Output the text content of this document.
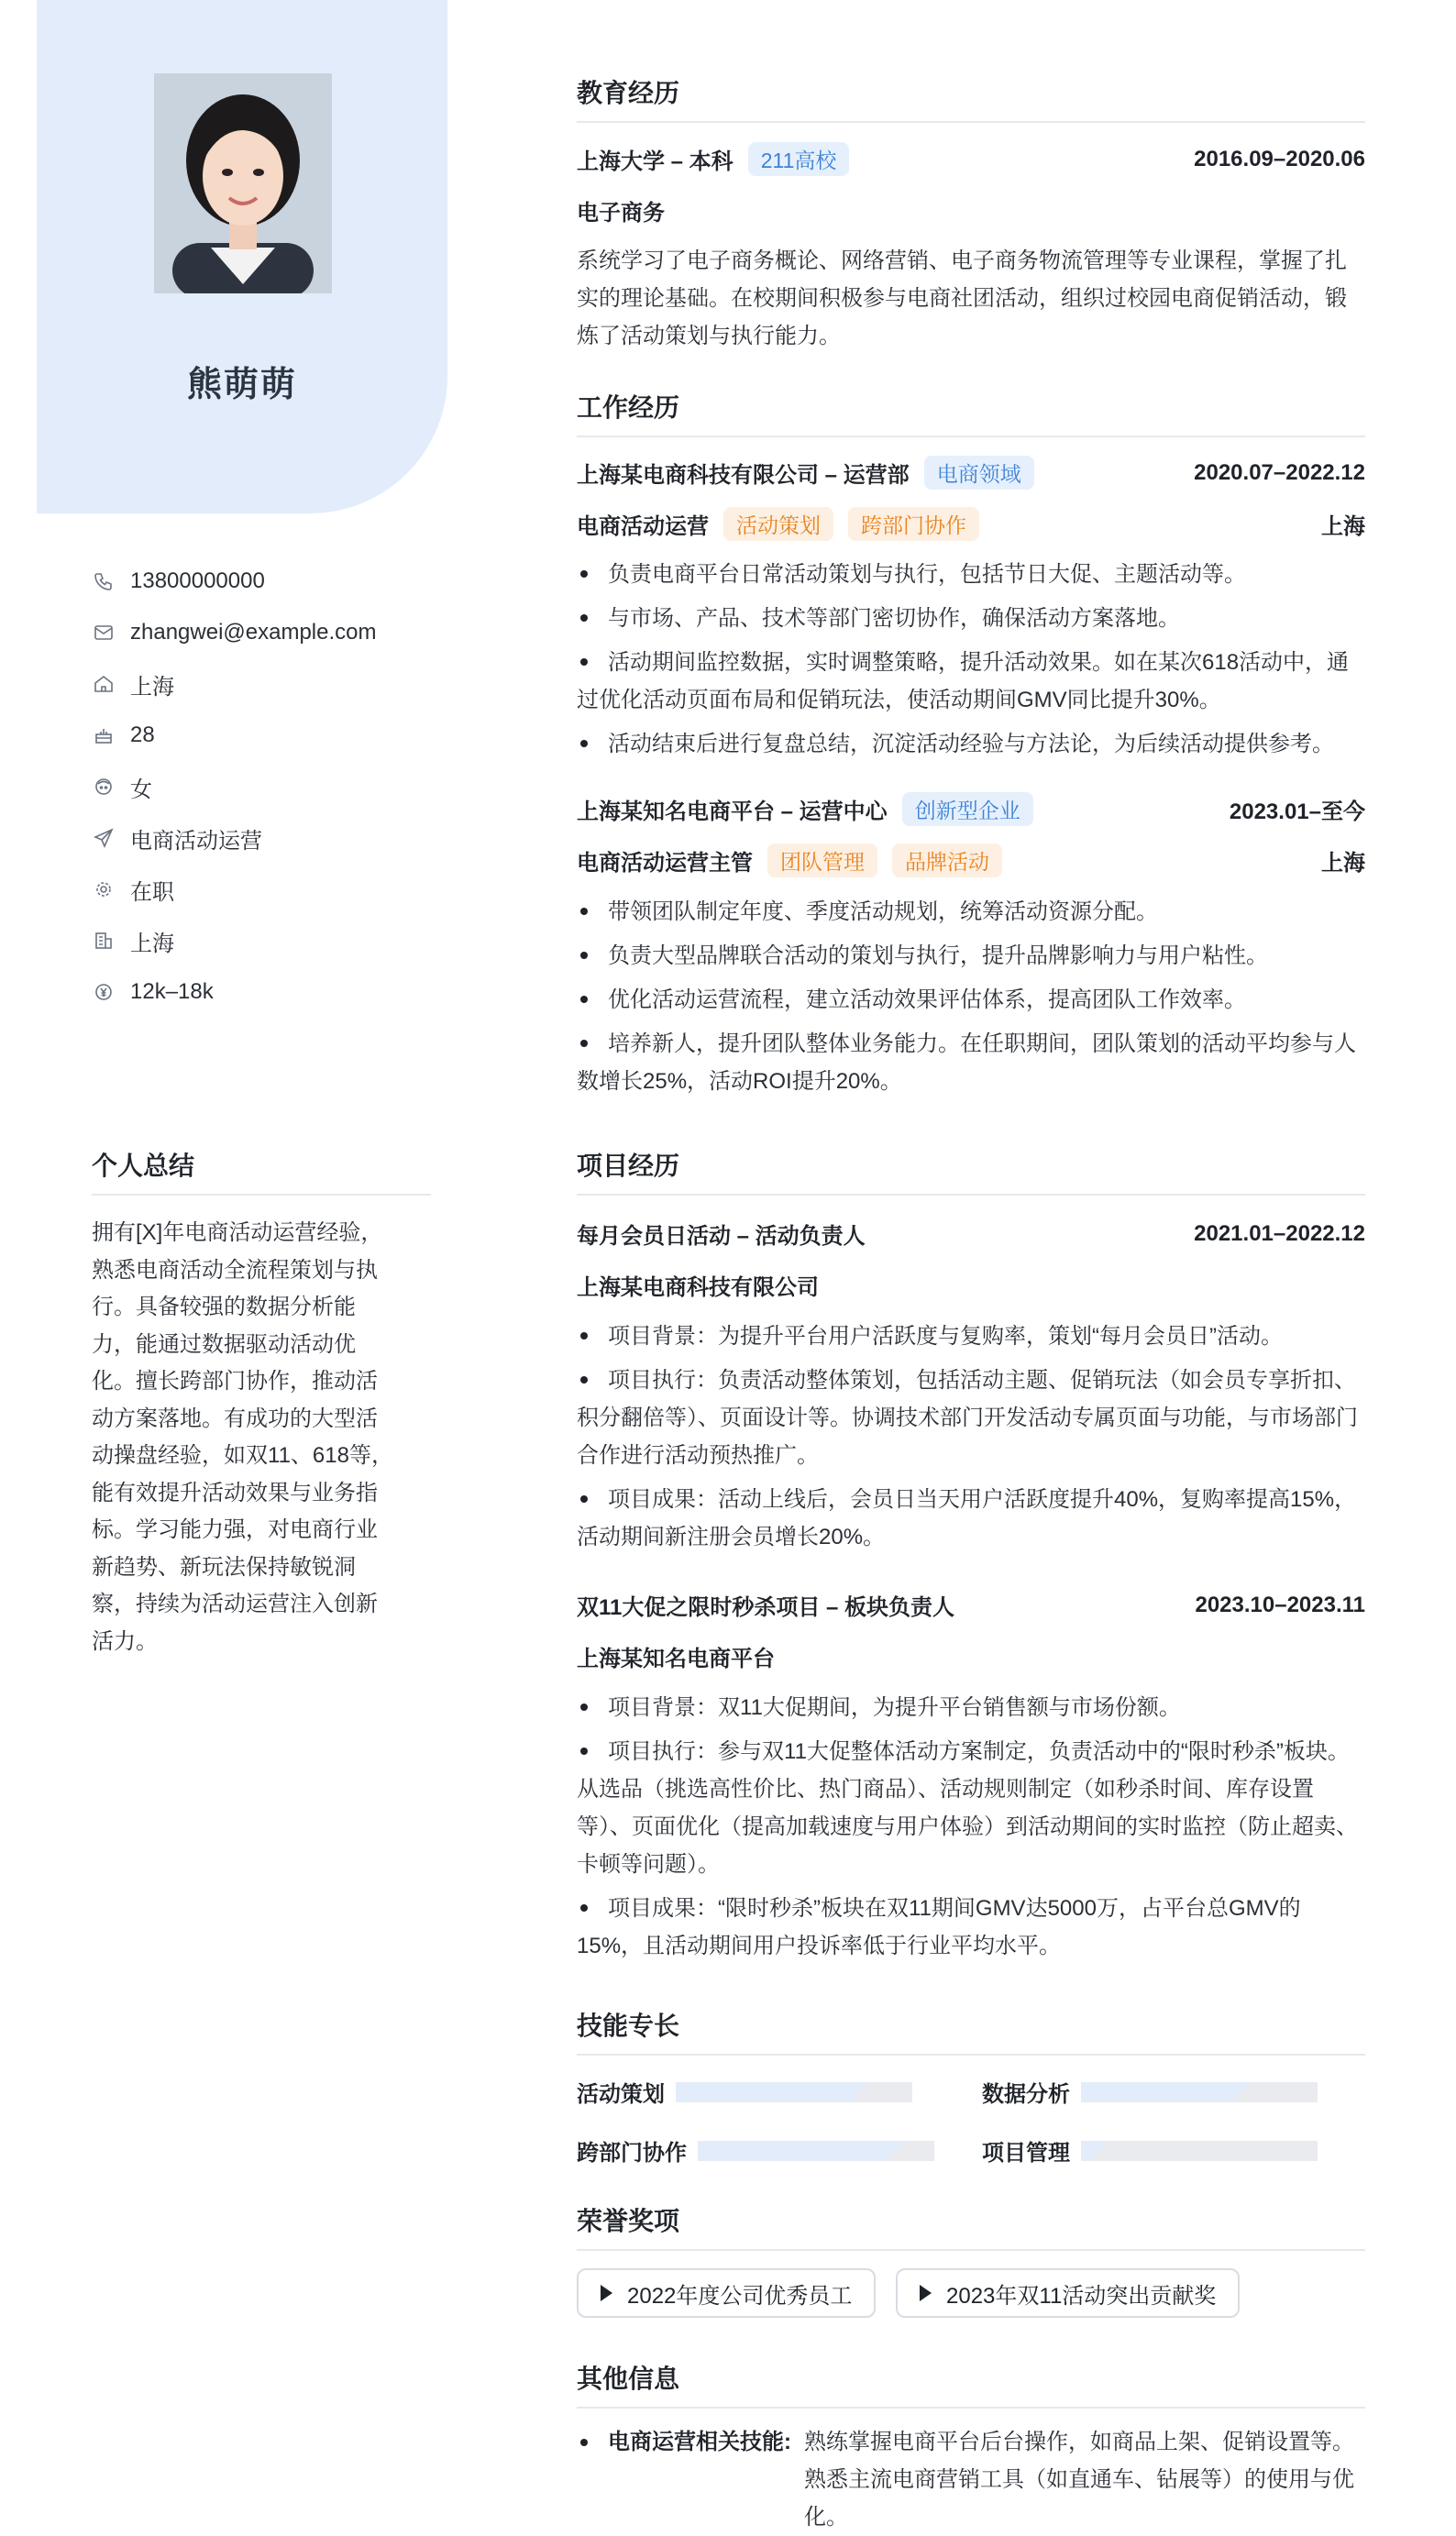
熊萌萌
13800000000
zhangwei@example.com
上海
28
女
电商活动运营
在职
上海
12k–18k
个人总结
拥有[X]年电商活动运营经验，
熟悉电商活动全流程策划与执
行。具备较强的数据分析能
力，能通过数据驱动活动优
化。擅长跨部门协作，推动活
动方案落地。有成功的大型活
动操盘经验，如双11、618等，
能有效提升活动效果与业务指
标。学习能力强，对电商行业
新趋势、新玩法保持敏锐洞
察，持续为活动运营注入创新
活力。
教育经历
上海大学 – 本科	211高校	2016.09–2020.06
电子商务
系统学习了电子商务概论、网络营销、电子商务物流管理等专业课程，掌握了扎
实的理论基础。在校期间积极参与电商社团活动，组织过校园电商促销活动，锻
炼了活动策划与执行能力。
工作经历
上海某电商科技有限公司 – 运营部	电商领域	2020.07–2022.12
电商活动运营	活动策划	跨部门协作	上海
负责电商平台日常活动策划与执行，包括节日大促、主题活动等。
与市场、产品、技术等部门密切协作，确保活动方案落地。
活动期间监控数据，实时调整策略，提升活动效果。如在某次618活动中，通
过优化活动页面布局和促销玩法，使活动期间GMV同比提升30%。
活动结束后进行复盘总结，沉淀活动经验与方法论，为后续活动提供参考。
上海某知名电商平台 – 运营中心	创新型企业	2023.01–至今
电商活动运营主管	团队管理	品牌活动	上海
带领团队制定年度、季度活动规划，统筹活动资源分配。
负责大型品牌联合活动的策划与执行，提升品牌影响力与用户粘性。
优化活动运营流程，建立活动效果评估体系，提高团队工作效率。
培养新人，提升团队整体业务能力。在任职期间，团队策划的活动平均参与人
数增长25%，活动ROI提升20%。
项目经历
每月会员日活动 – 活动负责人	2021.01–2022.12
上海某电商科技有限公司
项目背景：为提升平台用户活跃度与复购率，策划“每月会员日”活动。
项目执行：负责活动整体策划，包括活动主题、促销玩法（如会员专享折扣、
积分翻倍等）、页面设计等。协调技术部门开发活动专属页面与功能，与市场部门
合作进行活动预热推广。
项目成果：活动上线后，会员日当天用户活跃度提升40%，复购率提高15%，
活动期间新注册会员增长20%。
双11大促之限时秒杀项目 – 板块负责人	2023.10–2023.11
上海某知名电商平台
项目背景：双11大促期间，为提升平台销售额与市场份额。
项目执行：参与双11大促整体活动方案制定，负责活动中的“限时秒杀”板块。
从选品（挑选高性价比、热门商品）、活动规则制定（如秒杀时间、库存设置
等）、页面优化（提高加载速度与用户体验）到活动期间的实时监控（防止超卖、
卡顿等问题）。
项目成果：“限时秒杀”板块在双11期间GMV达5000万，占平台总GMV的
15%，且活动期间用户投诉率低于行业平均水平。
技能专长
活动策划	数据分析
跨部门协作	项目管理
荣誉奖项
2022年度公司优秀员工	2023年双11活动突出贡献奖
其他信息
电商运营相关技能: 熟练掌握电商平台后台操作，如商品上架、促销设置等。
熟悉主流电商营销工具（如直通车、钻展等）的使用与优
化。
